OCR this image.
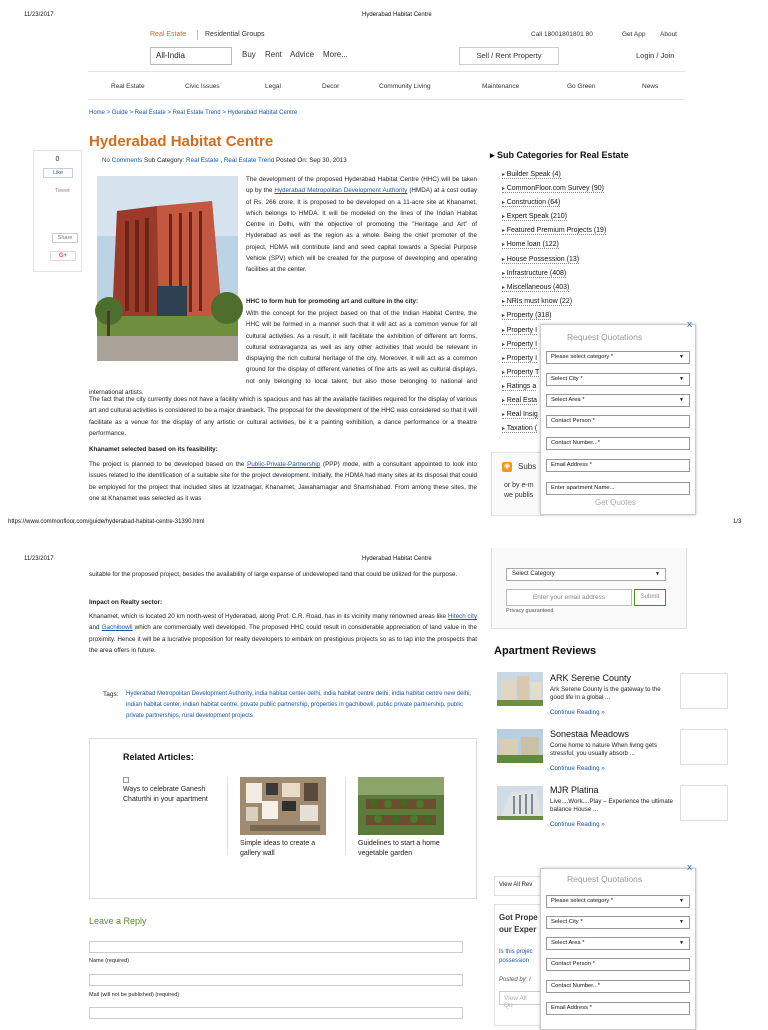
11/23/2017	Hyderabad Habitat Centre
Real Estate	Residential Groups	Call 18001801801 80	Get App About
All-India	Buy Rent Advice More...	Sell / Rent Property	Login / Join
Real Estate	Civic Issues	Legal	Decor	Community Living	Maintenance	Go Green	News
Home > Guide > Real Estate > Real Estate Trend > Hyderabad Habitat Centre
Hyderabad Habitat Centre
No Comments Sub Category: Real Estate , Real Estate Trend Posted On: Sep 30, 2013
0
Like
Tweet
Share
G+
The development of the proposed Hyderabad Habitat Centre (HHC) will be taken up by the Hyderabad Metropolitan Development Authority (HMDA) at a cost outlay of Rs. 266 crore. It is proposed to be developed on a 11-acre site at Khanamet, which belongs to HMDA. It will be modeled on the lines of the Indian Habitat Centre in Delhi, with the objective of promoting the "Heritage and Art" of Hyderabad as well as the region as a whole. Being the chief promoter of the project, HDMA will contribute land and seed capital towards a Special Purpose Vehicle (SPV) which will be created for the purpose of developing and operating facilities at the center.
HHC to form hub for promoting art and culture in the city:
With the concept for the project based on that of the Indian Habitat Centre, the HHC will be formed in a manner such that it will act as a common venue for all cultural activities. As a result, it will facilitate the exhibition of different art forms, cultural extravaganza as well as any other activities that would be relevant in displaying the rich cultural heritage of the city. Moreover, it will act as a common ground for the display of different varieties of fine arts as well as cultural displays, not only belonging to local talent, but also those belonging to national and international artists.
The fact that the city currently does not have a facility which is spacious and has all the available facilities required for the display of various art and cultural activities is considered to be a major drawback. The proposal for the development of the HHC was considered so that it will facilitate as a venue for the display of any artistic or cultural activities, be it a painting exhibition, a dance performance or a theatre performance.
Khanamet selected based on its feasibility:
The project is planned to be developed based on the Public-Private-Partnership (PPP) mode, with a consultant appointed to look into issues related to the identification of a suitable site for the project development. Initially, the HDMA had many sites at its disposal that could be employed for the project that included sites at Izzatnagar, Khanamet, Jawaharnagar and Shamshabad. From among these sites, the one at Khanamet was selected as it was
▸ Sub Categories for Real Estate
▸ Builder Speak (4)
▸ CommonFloor.com Survey (90)
▸ Construction (64)
▸ Expert Speak (210)
▸ Featured Premium Projects (19)
▸ Home loan (122)
▸ House Possession (13)
▸ Infrastructure (408)
▸ Miscellaneous (403)
▸ NRIs must know (22)
▸ Property (318)
▸ Property I
▸ Property I
▸ Property I
▸ Property T
▸ Ratings a
▸ Real Esta
▸ Real Insig
▸ Taxation (
◉ Subs
or by e-m
we publis
Request Quotations
Please select category *	▼
Select City *	▼
Select Area *	▼
Contact Person *
Contact Number...*
Email Address *
Enter apartment Name...
Get Quotes
X
https://www.commonfloor.com/guide/hyderabad-habitat-centre-31390.html	1/3
11/23/2017	Hyderabad Habitat Centre
suitable for the proposed project, besides the availability of large expanse of undeveloped land that could be utilized for the purpose.
Impact on Realty sector:
Khanamet, which is located 20 km north-west of Hyderabad, along Prof. C.R. Road, has in its vicinity many renowned areas like Hitech city and Gachibowli which are commercially well developed. The proposed HHC could result in considerable appreciation of land value in the proximity. Hence it will be a lucrative proposition for realty developers to embark on prestigious projects so as to tap into the prospects that the area offers in future.
Tags: Hyderabad Metropolitan Development Authority, india habitat center delhi, india habitat centre delhi, india habitat centre new delhi, indian habitat center, indian habitat centre, private public partnership, properties in gachibowli, public private partnership, public private partnerships, rural development projects
Related Articles:
Ways to celebrate Ganesh Chaturthi in your apartment
Simple ideas to create a gallery wall
Guidelines to start a home vegetable garden
Leave a Reply
Name (required)
Mail (will not be published) (required)
Select Category	▼
Enter your email address	Submit
Privacy guaranteed
Apartment Reviews
ARK Serene County
Ark Serene County is the gateway to the good life in a global ...
Continue Reading »
Sonestaa Meadows
Come home to nature When living gets stressful, you usually absorb ...
Continue Reading »
MJR Platina
Live....Work....Play – Experience the ultimate balance House ...
Continue Reading »
View All Rev
Got Prope
our Exper
Is this projec
possession
Posted by: I
View All Qu
Request Quotations
Please select category *	▼
Select City *	▼
Select Area *	▼
Contact Person *
Contact Number...*
Email Address *
X
